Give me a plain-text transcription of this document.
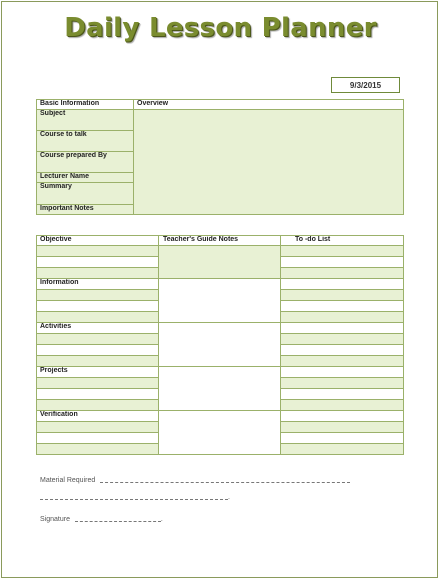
Daily Lesson Planner
9/3/2015
Basic Information	Overview
Subject	
Course to talk	
Course prepared By	
Lecturer Name	
Summary	
Important Notes	
Objective	Teacher's Guide Notes	To -do List

Information		

Activities		

Projects		

Verification		

Material Required
.
Signature	.
